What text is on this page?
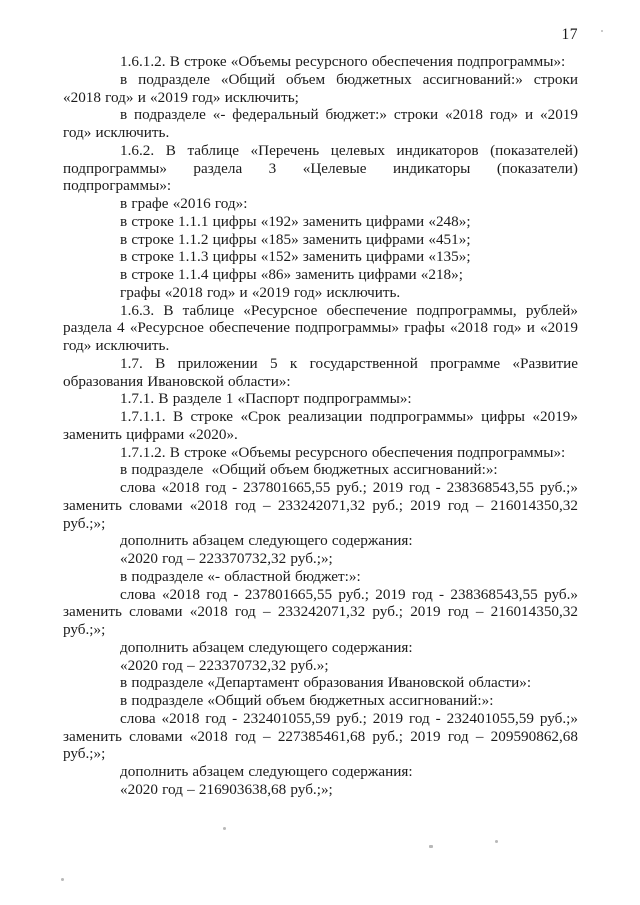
17

1.6.1.2. В строке «Объемы ресурсного обеспечения подпрограммы»:

в подразделе «Общий объем бюджетных ассигнований:» строки «2018 год» и «2019 год» исключить;

в подразделе «- федеральный бюджет:» строки «2018 год» и «2019 год» исключить.

1.6.2. В таблице «Перечень целевых индикаторов (показателей) подпрограммы» раздела 3 «Целевые индикаторы (показатели) подпрограммы»:

в графе «2016 год»:

в строке 1.1.1 цифры «192» заменить цифрами «248»;

в строке 1.1.2 цифры «185» заменить цифрами «451»;

в строке 1.1.3 цифры «152» заменить цифрами «135»;

в строке 1.1.4 цифры «86» заменить цифрами «218»;

графы «2018 год» и «2019 год» исключить.

1.6.3. В таблице «Ресурсное обеспечение подпрограммы, рублей» раздела 4 «Ресурсное обеспечение подпрограммы» графы «2018 год» и «2019 год» исключить.

1.7. В приложении 5 к государственной программе «Развитие образования Ивановской области»:

1.7.1. В разделе 1 «Паспорт подпрограммы»:

1.7.1.1. В строке «Срок реализации подпрограммы» цифры «2019» заменить цифрами «2020».

1.7.1.2. В строке «Объемы ресурсного обеспечения подпрограммы»:

в подразделе  «Общий объем бюджетных ассигнований:»:

слова «2018 год - 237801665,55 руб.; 2019 год - 238368543,55 руб.;» заменить словами «2018 год – 233242071,32 руб.; 2019 год – 216014350,32 руб.;»;

дополнить абзацем следующего содержания:

«2020 год – 223370732,32 руб.;»;

в подразделе «- областной бюджет:»:

слова «2018 год - 237801665,55 руб.; 2019 год - 238368543,55 руб.» заменить словами «2018 год – 233242071,32 руб.; 2019 год – 216014350,32 руб.;»;

дополнить абзацем следующего содержания:

«2020 год – 223370732,32 руб.»;

в подразделе «Департамент образования Ивановской области»:

в подразделе «Общий объем бюджетных ассигнований:»:

слова «2018 год - 232401055,59 руб.; 2019 год - 232401055,59 руб.;» заменить словами «2018 год – 227385461,68 руб.; 2019 год – 209590862,68 руб.;»;

дополнить абзацем следующего содержания:

«2020 год – 216903638,68 руб.;»;
